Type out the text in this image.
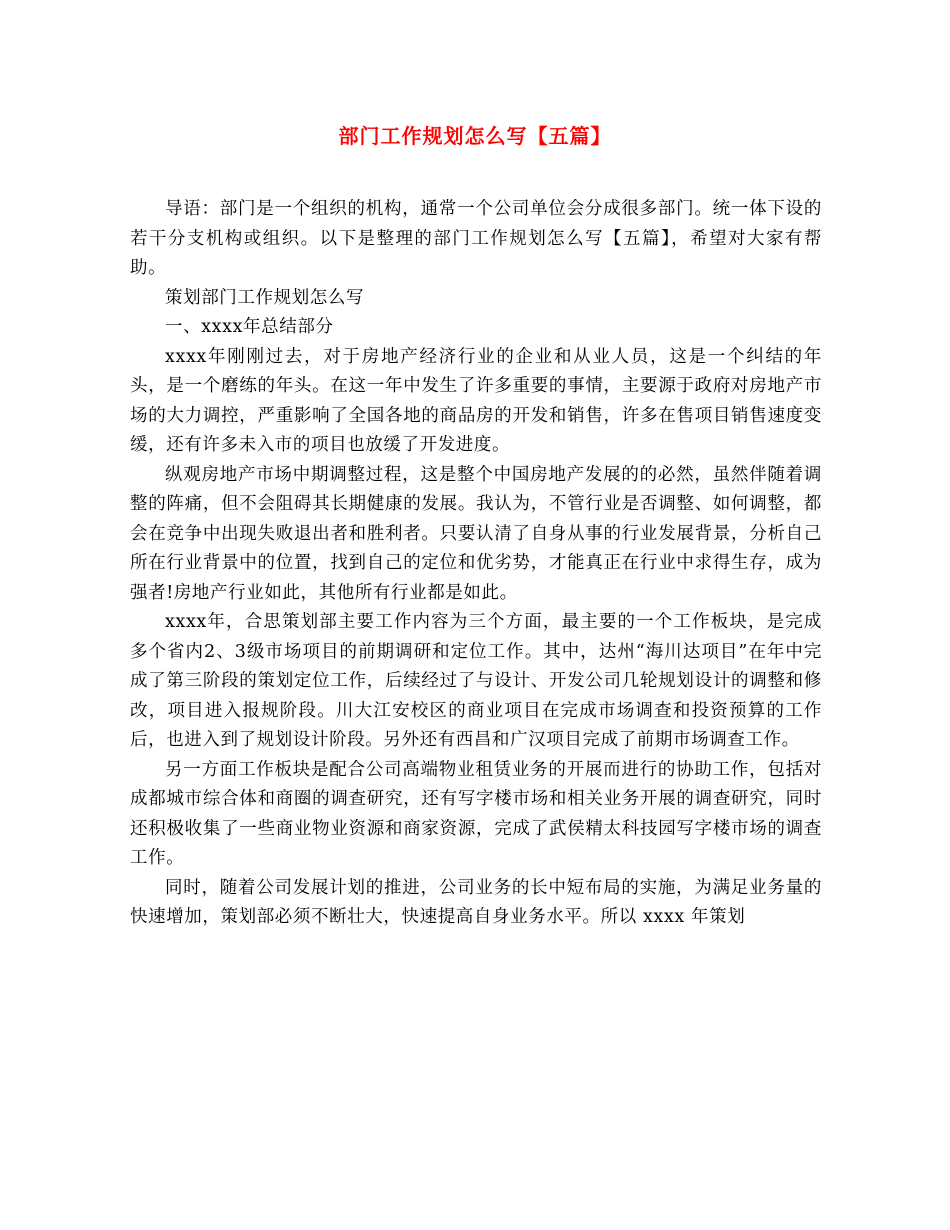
部门工作规划怎么写【五篇】

导语：部门是一个组织的机构，通常一个公司单位会分成很多部门。统一体下设的若干分支机构或组织。以下是整理的部门工作规划怎么写【五篇】，希望对大家有帮助。

策划部门工作规划怎么写

一、xxxx年总结部分

xxxx年刚刚过去，对于房地产经济行业的企业和从业人员，这是一个纠结的年头，是一个磨练的年头。在这一年中发生了许多重要的事情，主要源于政府对房地产市场的大力调控，严重影响了全国各地的商品房的开发和销售，许多在售项目销售速度变缓，还有许多未入市的项目也放缓了开发进度。

纵观房地产市场中期调整过程，这是整个中国房地产发展的的必然，虽然伴随着调整的阵痛，但不会阻碍其长期健康的发展。我认为，不管行业是否调整、如何调整，都会在竞争中出现失败退出者和胜利者。只要认清了自身从事的行业发展背景，分析自己所在行业背景中的位置，找到自己的定位和优劣势，才能真正在行业中求得生存，成为强者!房地产行业如此，其他所有行业都是如此。

xxxx年，合思策划部主要工作内容为三个方面，最主要的一个工作板块，是完成多个省内2、3级市场项目的前期调研和定位工作。其中，达州“海川达项目”在年中完成了第三阶段的策划定位工作，后续经过了与设计、开发公司几轮规划设计的调整和修改，项目进入报规阶段。川大江安校区的商业项目在完成市场调查和投资预算的工作后，也进入到了规划设计阶段。另外还有西昌和广汉项目完成了前期市场调查工作。

另一方面工作板块是配合公司高端物业租赁业务的开展而进行的协助工作，包括对成都城市综合体和商圈的调查研究，还有写字楼市场和相关业务开展的调查研究，同时还积极收集了一些商业物业资源和商家资源，完成了武侯精太科技园写字楼市场的调查工作。

同时，随着公司发展计划的推进，公司业务的长中短布局的实施，为满足业务量的快速增加，策划部必须不断壮大，快速提高自身业务水平。所以 xxxx 年策划
